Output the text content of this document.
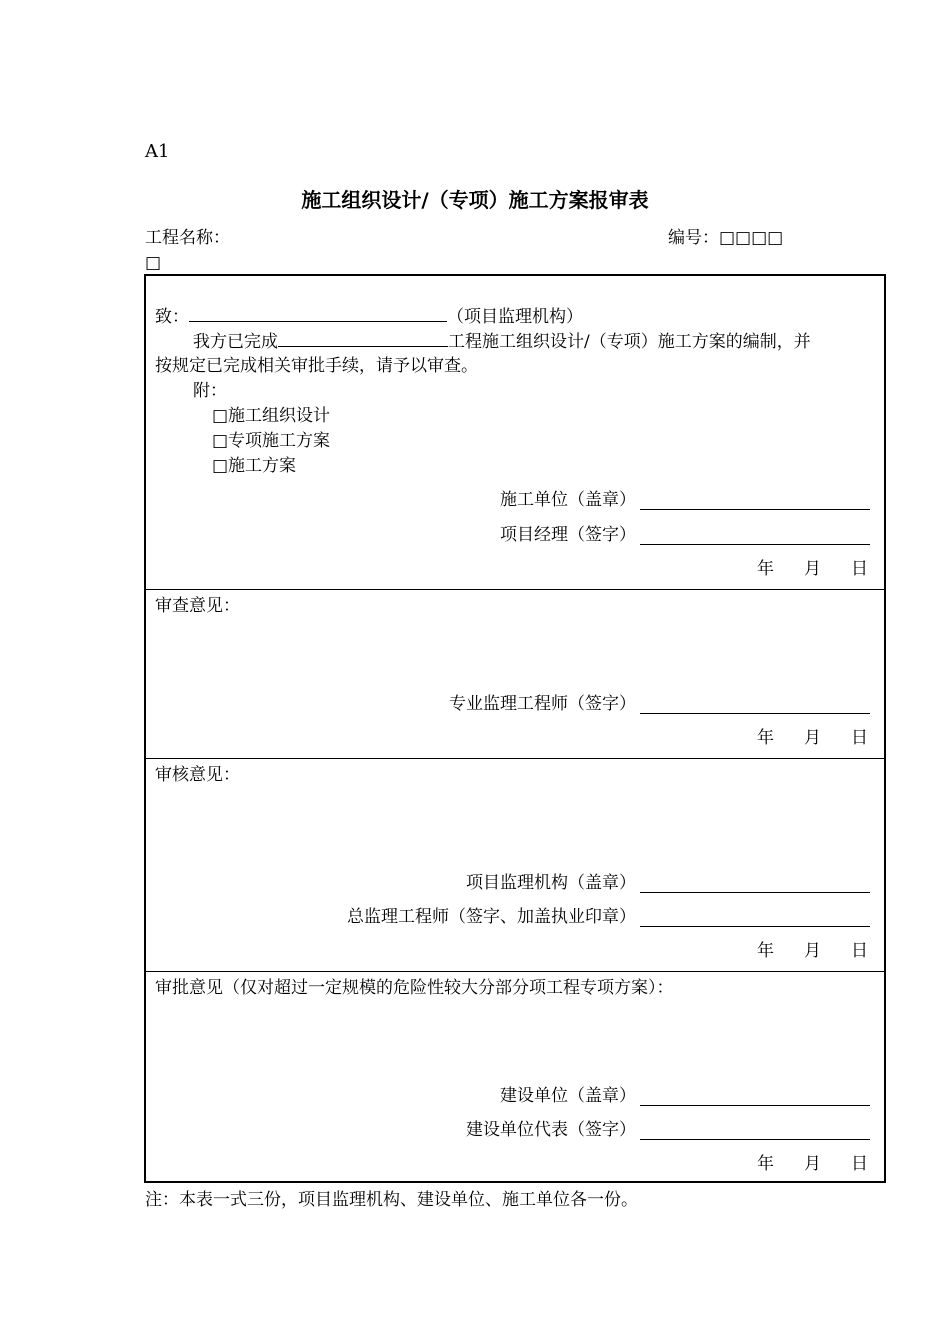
A1
施工组织设计/（专项）施工方案报审表
工程名称：	编号：□□□□
□
致：	（项目监理机构）
我方已完成	工程施工组织设计/（专项）施工方案的编制，并
按规定已完成相关审批手续，请予以审查。
附：
□施工组织设计
□专项施工方案
□施工方案
施工单位（盖章）
项目经理（签字）
年 月 日
审查意见：
专业监理工程师（签字）
年 月 日
审核意见：
项目监理机构（盖章）
总监理工程师（签字、加盖执业印章）
年 月 日
审批意见（仅对超过一定规模的危险性较大分部分项工程专项方案）：
建设单位（盖章）
建设单位代表（签字）
年 月 日
注：本表一式三份，项目监理机构、建设单位、施工单位各一份。
